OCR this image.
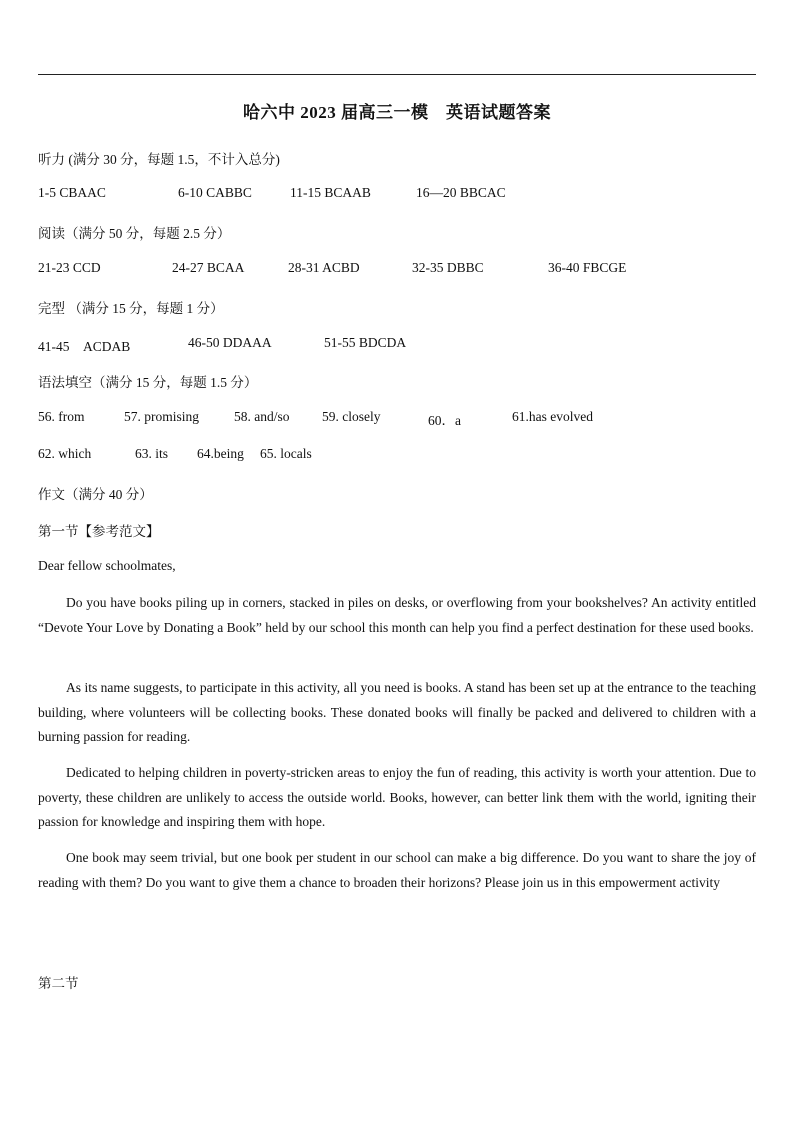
哈六中 2023 届高三一模　英语试题答案
听力 (满分 30 分，每题 1.5，不计入总分)
1-5 CBAAC	6-10 CABBC	11-15 BCAAB	16—20 BBCAC
阅读（满分 50 分，每题 2.5 分）
21-23 CCD	24-27 BCAA	28-31 ACBD	32-35 DBBC	36-40 FBCGE
完型 （满分 15 分，每题 1 分）
41-45　ACDAB	46-50 DDAAA	51-55 BDCDA
语法填空（满分 15 分，每题 1.5 分）
56. from	57. promising	58. and/so 59. closely	60．a	61.has evolved
62. which	63. its 64.being 65. locals
作文（满分 40 分）
第一节【参考范文】
Dear fellow schoolmates,
Do you have books piling up in corners, stacked in piles on desks, or overflowing from your bookshelves? An activity entitled “Devote Your Love by Donating a Book” held by our school this month can help you find a perfect destination for these used books.
As its name suggests, to participate in this activity, all you need is books. A stand has been set up at the entrance to the teaching building, where volunteers will be collecting books. These donated books will finally be packed and delivered to children with a burning passion for reading.
Dedicated to helping children in poverty-stricken areas to enjoy the fun of reading, this activity is worth your attention. Due to poverty, these children are unlikely to access the outside world. Books, however, can better link them with the world, igniting their passion for knowledge and inspiring them with hope.
One book may seem trivial, but one book per student in our school can make a big difference. Do you want to share the joy of reading with them? Do you want to give them a chance to broaden their horizons? Please join us in this empowerment activity
第二节
